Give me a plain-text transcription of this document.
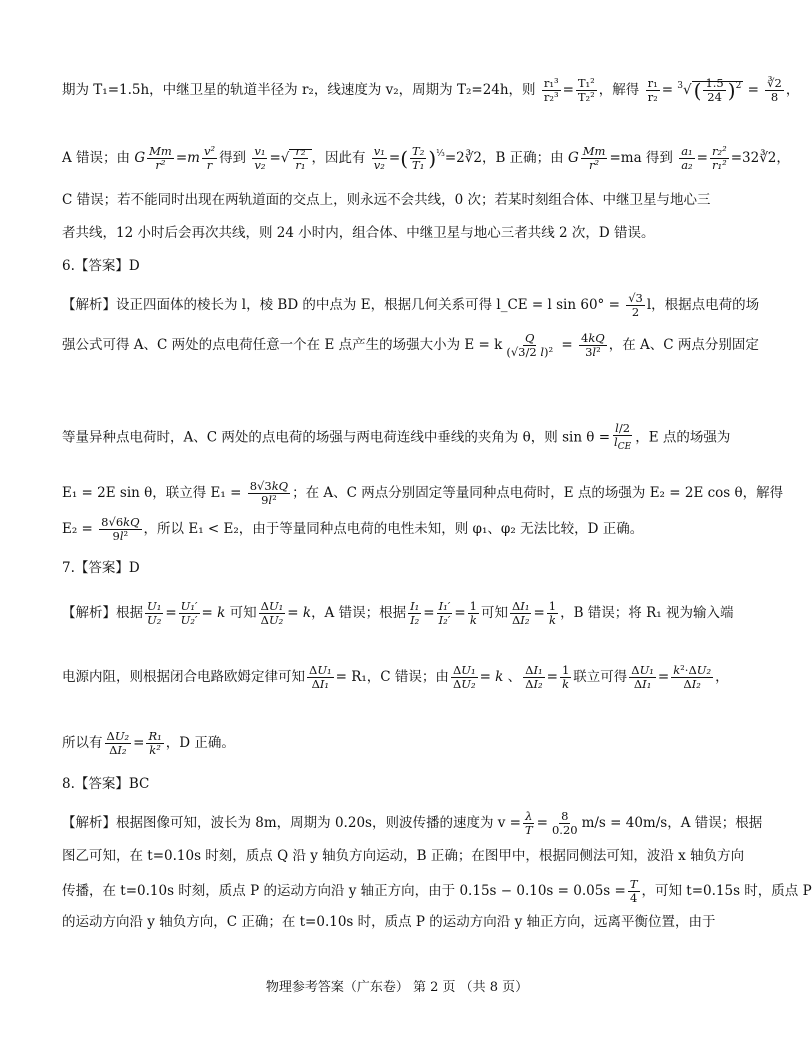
期为 T₁=1.5h，中继卫星的轨道半径为 r₂，线速度为 v₂，周期为 T₂=24h，则 $\frac{\text{r₁³}}{\text{r₂³}} = \frac{\text{T₁²}}{\text{T₂²}}$ ，解得 $\frac{\text{r₁}}{\text{r₂}} = ^3√$ ( $\frac{1.5}{24} )^2 = \frac{∛2}{8}$ ，
A 错误；由 G $\frac{Mm}{\text{r²}} =m \frac{\text{v²}}{r}$ 得到 $\frac{\text{v₁}}{\text{v₂}}$ =√ $\frac{\text{r₂}}{\text{r₁}}$ ，因此有 $\frac{\text{v₁}}{\text{v₂}}$ =( $\frac{\text{T₂}}{\text{T₁}}$ )$^{\frac{1}{3}}$=2∛2，B 正确；由 G $\frac{Mm}{\text{r²}} =ma$ 得到 $\frac{\text{a₁}}{\text{a₂}} = \frac{\text{r₂²}}{\text{r₁²}}$ =32∛2，
C 错误；若不能同时出现在两轨道面的交点上，则永远不会共线，0 次；若某时刻组合体、中继卫星与地心三
者共线，12 小时后会再次共线，则 24 小时内，组合体、中继卫星与地心三者共线 2 次，D 错误。
6.【答案】D
【解析】设正四面体的棱长为 l，棱 BD 的中点为 E，根据几何关系可得 l_CE = l $\sin 60^\circ = \frac{√3}{2}$ l，根据点电荷的场
强公式可得 A、C 两处的点电荷任意一个在 E 点产生的场强大小为 E = k $\frac{Q}{\text{(√3/2 l)²}} = \frac{4kQ}{\text{3l²}}$ ，在 A、C 两点分别固定
等量异种点电荷时，A、C 两处的点电荷的场强与两电荷连线中垂线的夹角为 θ，则 $\sin \theta = \frac{l/2}{l_{CE}}$ ，E 点的场强为
E₁ = 2E sin θ，联立得 $E_1 = \frac{8√3kQ}{\text{9l²}}$ ；在 A、C 两点分别固定等量同种点电荷时，E 点的场强为 E₂ = 2E cos θ，解得
$E_2 = \frac{8√6kQ}{\text{9l²}}$ ，所以 E₁ < E₂，由于等量同种点电荷的电性未知，则 φ₁、φ₂ 无法比较，D 正确。
7.【答案】D
【解析】根据 $\frac{\text{U₁}}{\text{U₂}} = \frac{\text{U₁′}}{\text{U₂′}} = k$ 可知 $\frac{\text{ΔU₁}}{\text{ΔU₂}} = k$，A 错误；根据 $\frac{\text{I₁}}{\text{I₂}} = \frac{\text{I₁′}}{\text{I₂′}} = \frac{1}{k}$ 可知 $\frac{\text{ΔI₁}}{\text{ΔI₂}} = \frac{1}{k}$ ，B 错误；将 R₁ 视为输入端
电源内阻，则根据闭合电路欧姆定律可知 $\frac{\text{ΔU₁}}{\text{ΔI₁}} = R_1$，C 错误；由 $\frac{\text{ΔU₁}}{\text{ΔU₂}} = k$ 、 $\frac{\text{ΔI₁}}{\text{ΔI₂}} = \frac{1}{k}$ 联立可得 $\frac{\text{ΔU₁}}{\text{ΔI₁}} = \frac{\text{k²·ΔU₂}}{\text{ΔI₂}}$ ，
所以有 $\frac{\text{ΔU₂}}{\text{ΔI₂}} = \frac{\text{R₁}}{\text{k²}}$ ，D 正确。
8.【答案】BC
【解析】根据图像可知，波长为 8m，周期为 0.20s，则波传播的速度为 $v = \frac{\lambda}{T} = \frac{8}{0.20} m/s = 40m/s$，A 错误；根据
图乙可知，在 t=0.10s 时刻，质点 Q 沿 y 轴负方向运动，B 正确；在图甲中，根据同侧法可知，波沿 x 轴负方向
传播，在 t=0.10s 时刻，质点 P 的运动方向沿 y 轴正方向，由于 $0.15s - 0.10s = 0.05s = \frac{T}{4}$ ，可知 t=0.15s 时，质点 P
的运动方向沿 y 轴负方向，C 正确；在 t=0.10s 时，质点 P 的运动方向沿 y 轴正方向，远离平衡位置，由于
物理参考答案（广东卷） 第 2 页 （共 8 页）
